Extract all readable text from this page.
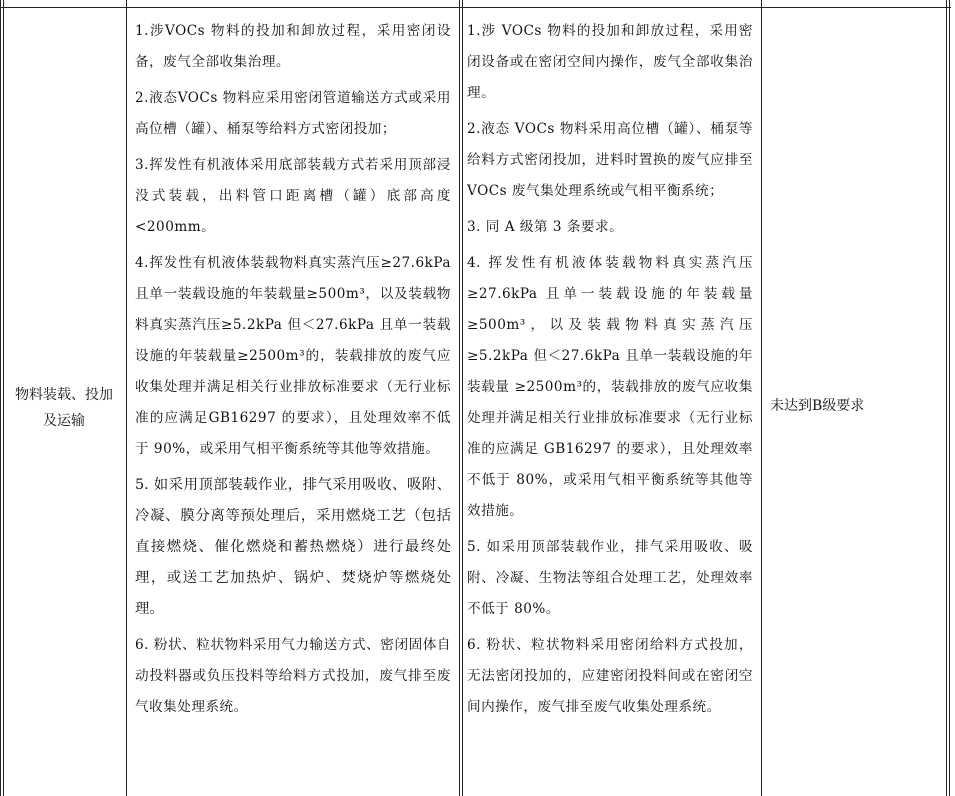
物料装载、投加及运输

1.涉VOCs 物料的投加和卸放过程，采用密闭设备，废气全部收集治理。

2.液态VOCs 物料应采用密闭管道输送方式或采用高位槽（罐）、桶泵等给料方式密闭投加；

3.挥发性有机液体采用底部装载方式若采用顶部浸没式装载，出料管口距离槽（罐）底部高度<200mm。

4.挥发性有机液体装载物料真实蒸汽压≥27.6kPa且单一装载设施的年装载量≥500m³，以及装载物料真实蒸汽压≥5.2kPa 但＜27.6kPa 且单一装载设施的年装载量≥2500m³的，装载排放的废气应收集处理并满足相关行业排放标准要求（无行业标准的应满足GB16297 的要求），且处理效率不低于 90%，或采用气相平衡系统等其他等效措施。

5. 如采用顶部装载作业，排气采用吸收、吸附、冷凝、膜分离等预处理后，采用燃烧工艺（包括直接燃烧、催化燃烧和蓄热燃烧）进行最终处理，或送工艺加热炉、锅炉、焚烧炉等燃烧处理。

6. 粉状、粒状物料采用气力输送方式、密闭固体自动投料器或负压投料等给料方式投加，废气排至废气收集处理系统。

1.涉 VOCs 物料的投加和卸放过程，采用密闭设备或在密闭空间内操作，废气全部收集治理。

2.液态 VOCs 物料采用高位槽（罐）、桶泵等给料方式密闭投加，进料时置换的废气应排至 VOCs 废气集处理系统或气相平衡系统；

3. 同 A 级第 3 条要求。

4. 挥发性有机液体装载物料真实蒸汽压≥27.6kPa 且单一装载设施的年装载量≥500m³，以及装载物料真实蒸汽压≥5.2kPa 但＜27.6kPa 且单一装载设施的年装载量 ≥2500m³的，装载排放的废气应收集处理并满足相关行业排放标准要求（无行业标准的应满足 GB16297 的要求），且处理效率不低于 80%，或采用气相平衡系统等其他等效措施。

5. 如采用顶部装载作业，排气采用吸收、吸附、冷凝、生物法等组合处理工艺，处理效率不低于 80%。

6. 粉状、粒状物料采用密闭给料方式投加，无法密闭投加的，应建密闭投料间或在密闭空间内操作，废气排至废气收集处理系统。

未达到B级要求
